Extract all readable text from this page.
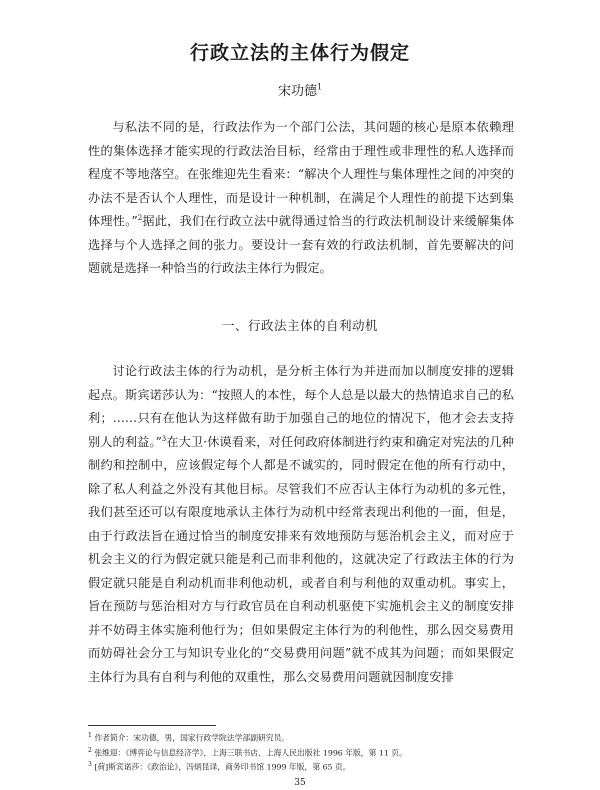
行政立法的主体行为假定
宋功德$^1$

与私法不同的是，行政法作为一个部门公法，其问题的核心是原本依赖理性的集体选择才能实现的行政法治目标，经常由于理性或非理性的私人选择而程度不等地落空。在张维迎先生看来：“解决个人理性与集体理性之间的冲突的办法不是否认个人理性，而是设计一种机制，在满足个人理性的前提下达到集体理性。”$^2$据此，我们在行政立法中就得通过恰当的行政法机制设计来缓解集体选择与个人选择之间的张力。要设计一套有效的行政法机制，首先要解决的问题就是选择一种恰当的行政法主体行为假定。

一、行政法主体的自利动机

讨论行政法主体的行为动机，是分析主体行为并进而加以制度安排的逻辑起点。斯宾诺莎认为：“按照人的本性，每个人总是以最大的热情追求自己的私利；……只有在他认为这样做有助于加强自己的地位的情况下，他才会去支持别人的利益。”$^3$在大卫·休谟看来，对任何政府体制进行约束和确定对宪法的几种制约和控制中，应该假定每个人都是不诚实的，同时假定在他的所有行动中，除了私人利益之外没有其他目标。尽管我们不应否认主体行为动机的多元性，我们甚至还可以有限度地承认主体行为动机中经常表现出利他的一面，但是，由于行政法旨在通过恰当的制度安排来有效地预防与惩治机会主义，而对应于机会主义的行为假定就只能是利己而非利他的，这就决定了行政法主体的行为假定就只能是自利动机而非利他动机，或者自利与利他的双重动机。事实上，旨在预防与惩治相对方与行政官员在自利动机驱使下实施机会主义的制度安排并不妨碍主体实施利他行为；但如果假定主体行为的利他性，那么因交易费用而妨碍社会分工与知识专业化的“交易费用问题”就不成其为问题；而如果假定主体行为具有自利与利他的双重性，那么交易费用问题就因制度安排

$^1$ 作者简介：宋功德，男，国家行政学院法学部副研究员。
$^2$ 张维迎：《博弈论与信息经济学》，上海三联书店、上海人民出版社 1996 年版，第 11 页。
$^3$ [荷]斯宾诺莎：《政治论》，冯炳昆译，商务印书馆 1999 年版，第 65 页。
35
